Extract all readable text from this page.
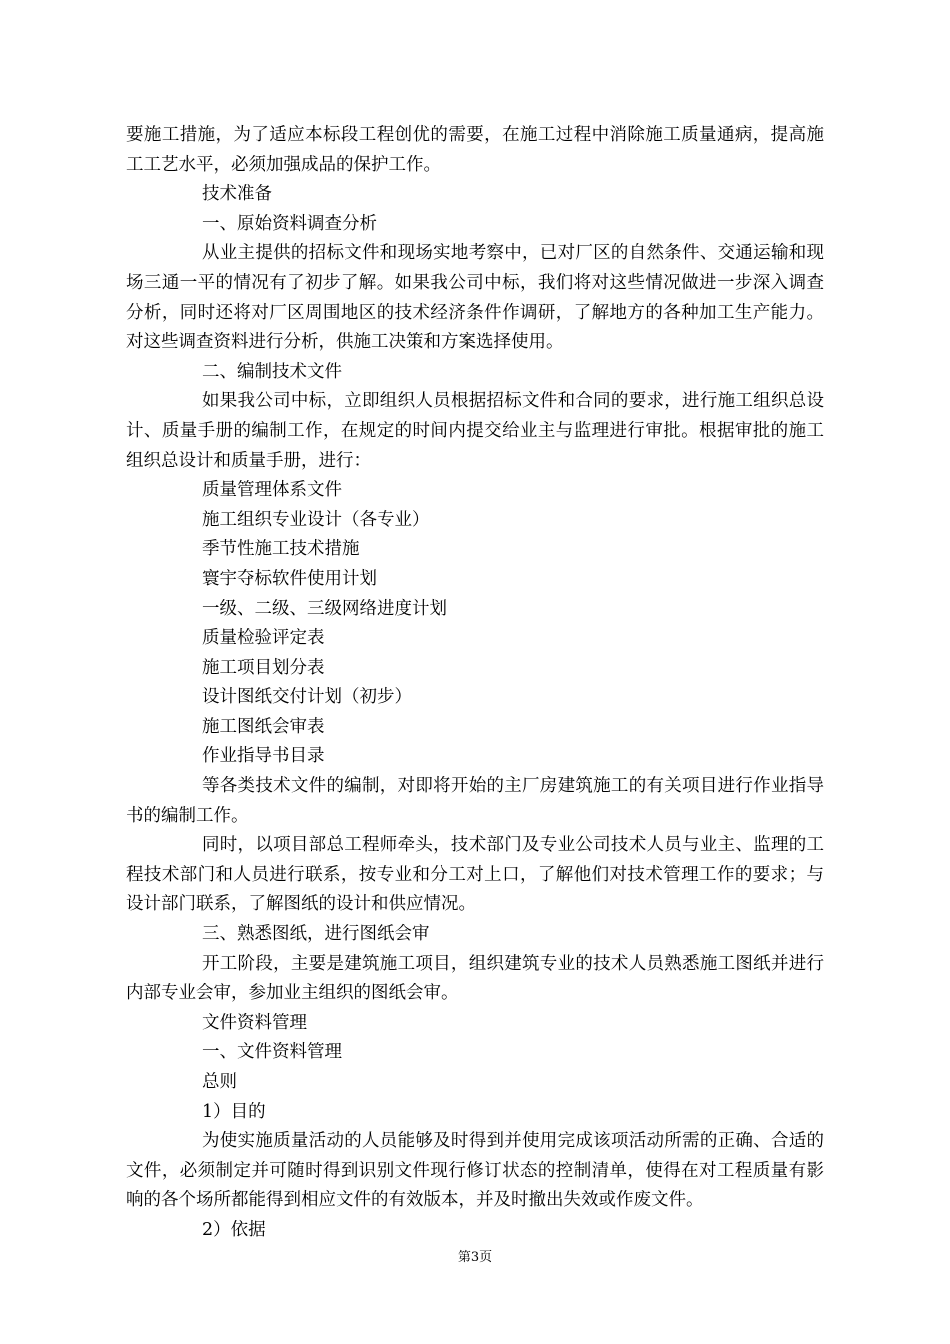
要施工措施，为了适应本标段工程创优的需要，在施工过程中消除施工质量通病，提高施工工艺水平，必须加强成品的保护工作。

技术准备

一、原始资料调查分析

从业主提供的招标文件和现场实地考察中，已对厂区的自然条件、交通运输和现场三通一平的情况有了初步了解。如果我公司中标，我们将对这些情况做进一步深入调查分析，同时还将对厂区周围地区的技术经济条件作调研，了解地方的各种加工生产能力。对这些调查资料进行分析，供施工决策和方案选择使用。

二、编制技术文件

如果我公司中标，立即组织人员根据招标文件和合同的要求，进行施工组织总设计、质量手册的编制工作，在规定的时间内提交给业主与监理进行审批。根据审批的施工组织总设计和质量手册，进行：

质量管理体系文件

施工组织专业设计（各专业）

季节性施工技术措施

寰宇夺标软件使用计划

一级、二级、三级网络进度计划

质量检验评定表

施工项目划分表

设计图纸交付计划（初步）

施工图纸会审表

作业指导书目录

等各类技术文件的编制，对即将开始的主厂房建筑施工的有关项目进行作业指导书的编制工作。

同时，以项目部总工程师牵头，技术部门及专业公司技术人员与业主、监理的工程技术部门和人员进行联系，按专业和分工对上口，了解他们对技术管理工作的要求；与设计部门联系，了解图纸的设计和供应情况。

三、熟悉图纸，进行图纸会审

开工阶段，主要是建筑施工项目，组织建筑专业的技术人员熟悉施工图纸并进行内部专业会审，参加业主组织的图纸会审。

文件资料管理

一、文件资料管理

总则

1）目的

为使实施质量活动的人员能够及时得到并使用完成该项活动所需的正确、合适的文件，必须制定并可随时得到识别文件现行修订状态的控制清单，使得在对工程质量有影响的各个场所都能得到相应文件的有效版本，并及时撤出失效或作废文件。

2）依据

第3页
